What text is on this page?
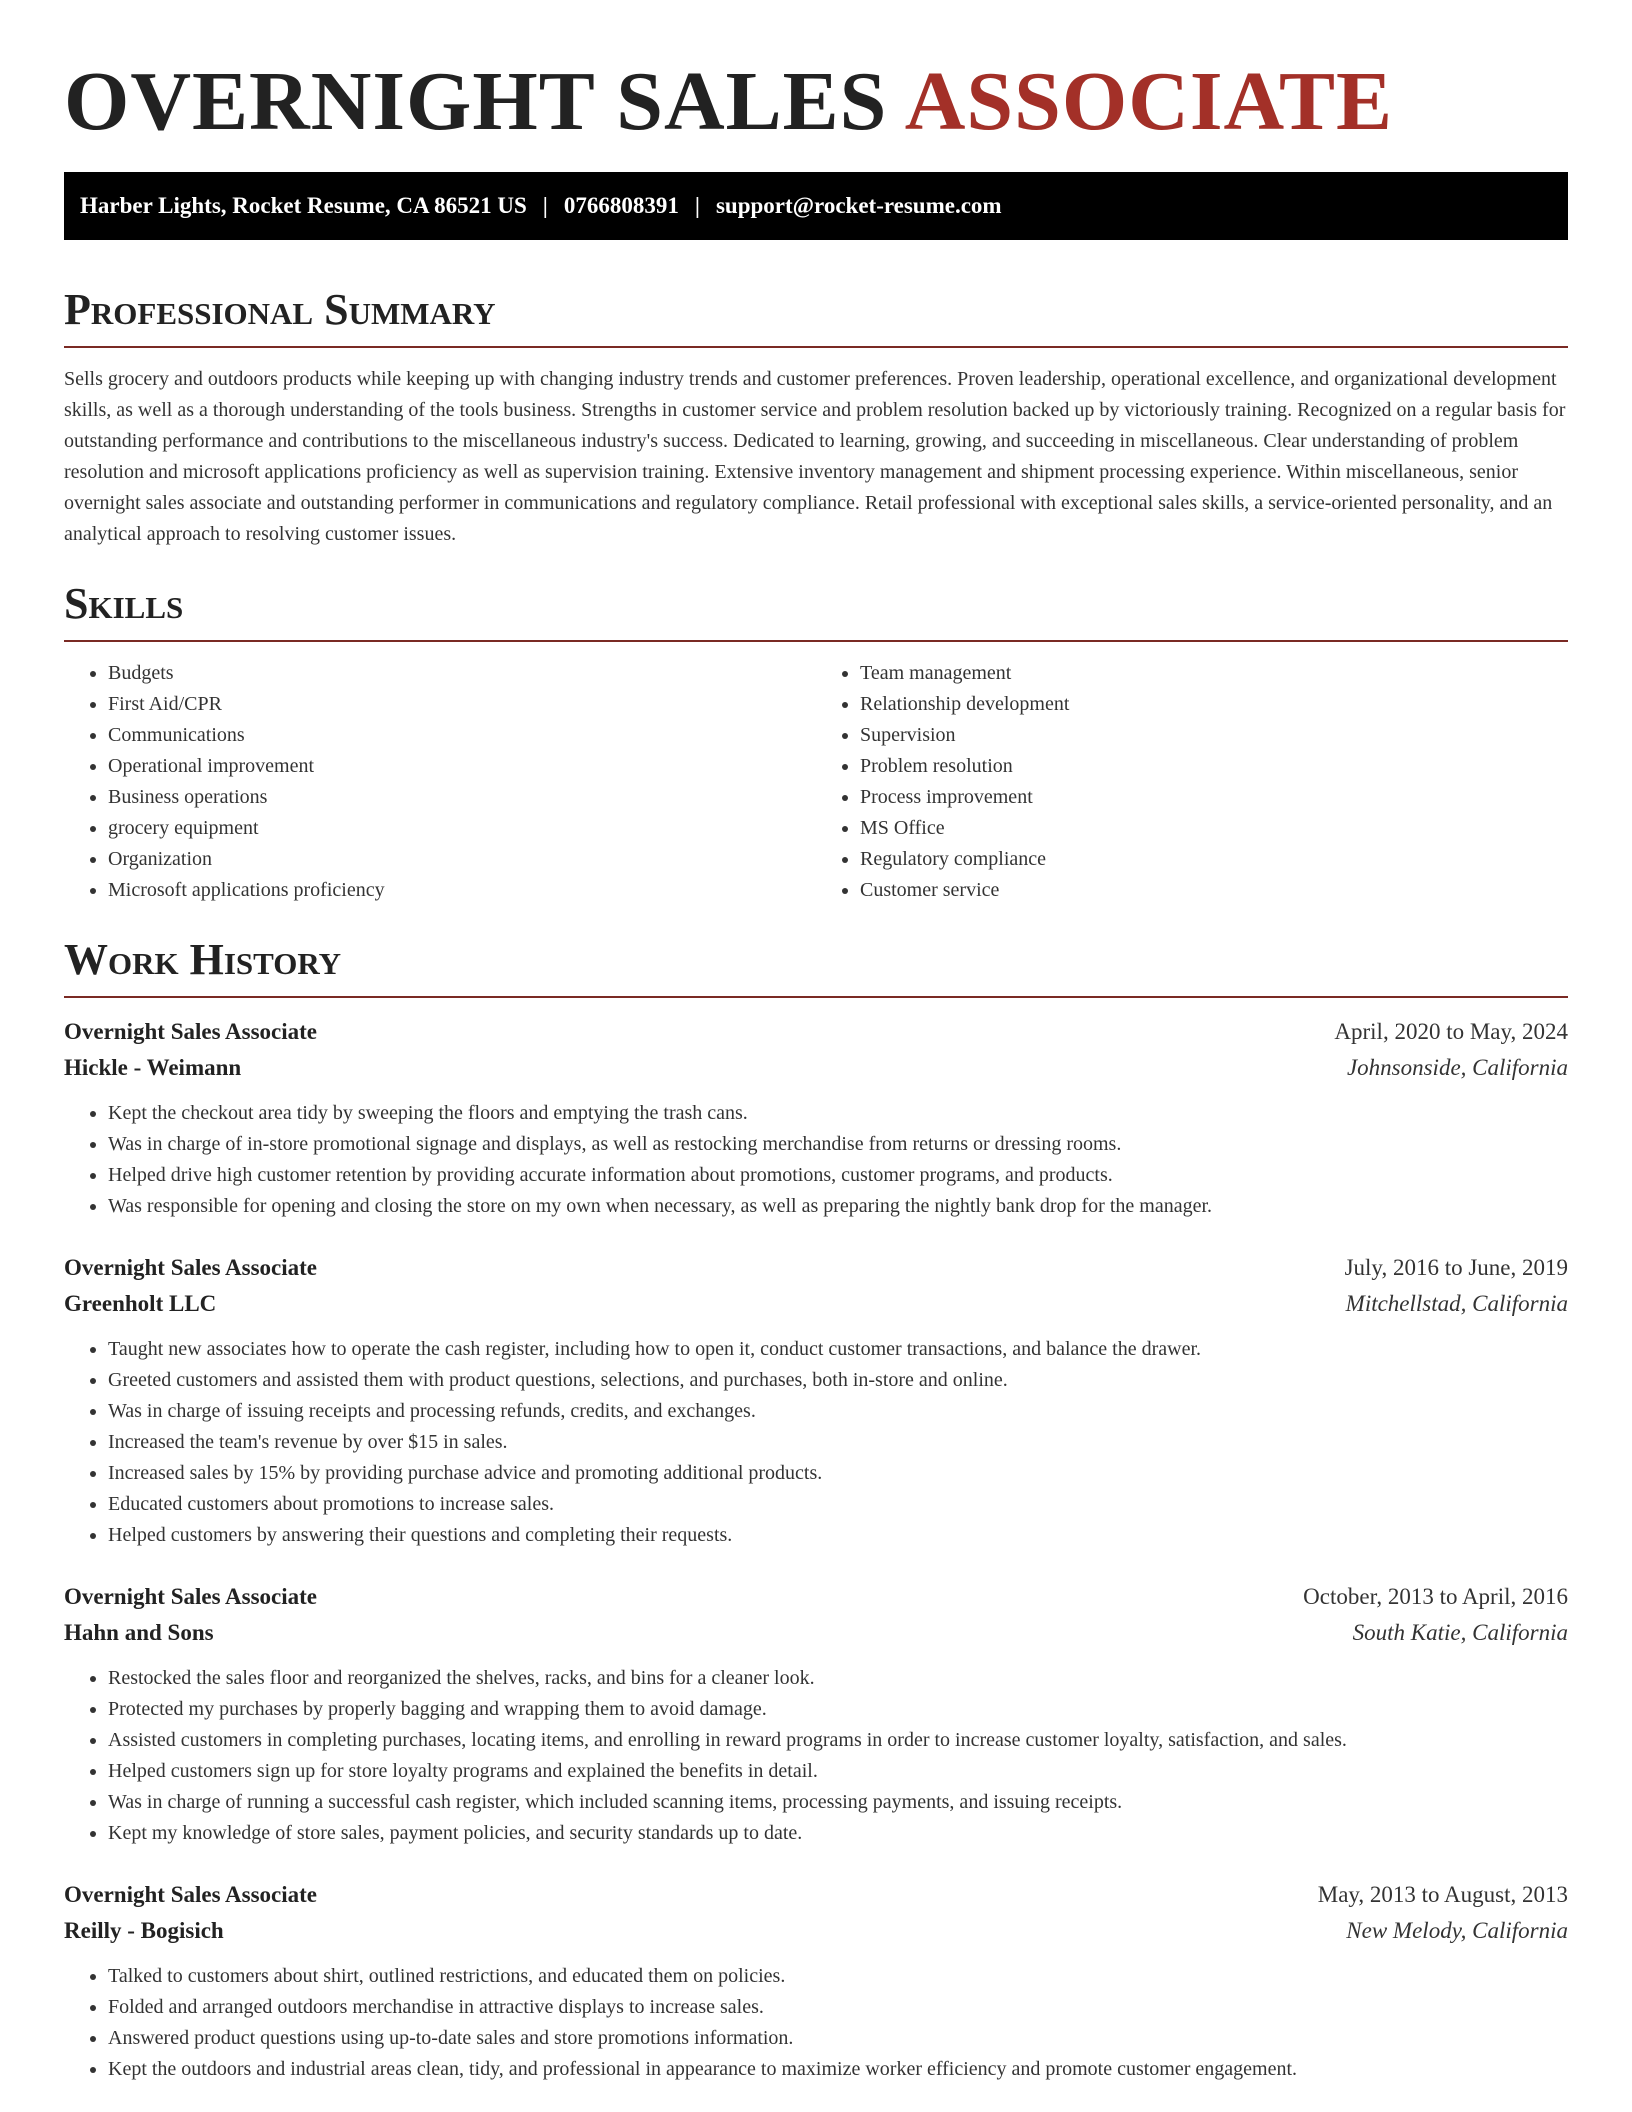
OVERNIGHT SALES ASSOCIATE
Harber Lights, Rocket Resume, CA 86521 US | 0766808391 | support@rocket-resume.com
Professional Summary

Sells grocery and outdoors products while keeping up with changing industry trends and customer preferences. Proven leadership, operational excellence, and organizational development skills, as well as a thorough understanding of the tools business. Strengths in customer service and problem resolution backed up by victoriously training. Recognized on a regular basis for outstanding performance and contributions to the miscellaneous industry's success. Dedicated to learning, growing, and succeeding in miscellaneous. Clear understanding of problem resolution and microsoft applications proficiency as well as supervision training. Extensive inventory management and shipment processing experience. Within miscellaneous, senior overnight sales associate and outstanding performer in communications and regulatory compliance. Retail professional with exceptional sales skills, a service-oriented personality, and an analytical approach to resolving customer issues.

Skills
• Budgets
• First Aid/CPR
• Communications
• Operational improvement
• Business operations
• grocery equipment
• Organization
• Microsoft applications proficiency
• Team management
• Relationship development
• Supervision
• Problem resolution
• Process improvement
• MS Office
• Regulatory compliance
• Customer service
Work History
Overnight Sales Associate	April, 2020 to May, 2024
Hickle - Weimann	Johnsonside, California
• Kept the checkout area tidy by sweeping the floors and emptying the trash cans.
• Was in charge of in-store promotional signage and displays, as well as restocking merchandise from returns or dressing rooms.
• Helped drive high customer retention by providing accurate information about promotions, customer programs, and products.
• Was responsible for opening and closing the store on my own when necessary, as well as preparing the nightly bank drop for the manager.
Overnight Sales Associate	July, 2016 to June, 2019
Greenholt LLC	Mitchellstad, California
• Taught new associates how to operate the cash register, including how to open it, conduct customer transactions, and balance the drawer.
• Greeted customers and assisted them with product questions, selections, and purchases, both in-store and online.
• Was in charge of issuing receipts and processing refunds, credits, and exchanges.
• Increased the team's revenue by over $15 in sales.
• Increased sales by 15% by providing purchase advice and promoting additional products.
• Educated customers about promotions to increase sales.
• Helped customers by answering their questions and completing their requests.
Overnight Sales Associate	October, 2013 to April, 2016
Hahn and Sons	South Katie, California
• Restocked the sales floor and reorganized the shelves, racks, and bins for a cleaner look.
• Protected my purchases by properly bagging and wrapping them to avoid damage.
• Assisted customers in completing purchases, locating items, and enrolling in reward programs in order to increase customer loyalty, satisfaction, and sales.
• Helped customers sign up for store loyalty programs and explained the benefits in detail.
• Was in charge of running a successful cash register, which included scanning items, processing payments, and issuing receipts.
• Kept my knowledge of store sales, payment policies, and security standards up to date.
Overnight Sales Associate	May, 2013 to August, 2013
Reilly - Bogisich	New Melody, California
• Talked to customers about shirt, outlined restrictions, and educated them on policies.
• Folded and arranged outdoors merchandise in attractive displays to increase sales.
• Answered product questions using up-to-date sales and store promotions information.
• Kept the outdoors and industrial areas clean, tidy, and professional in appearance to maximize worker efficiency and promote customer engagement.
